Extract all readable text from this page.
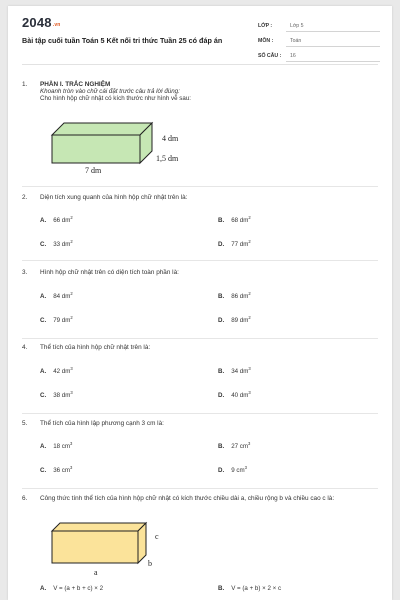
$2048^{.vn}$
Bài tập cuối tuần Toán 5 Kết nối tri thức Tuần 25 có đáp án
LỚP :	Lớp 5
MÔN :	Toán
SỐ CÂU : 16
1. PHẦN I. TRẮC NGHIỆM
Khoanh tròn vào chữ cái đặt trước câu trả lời đúng:
Cho hình hộp chữ nhật có kích thước như hình vẽ sau:
4 dm
1,5 dm
7 dm
2. Diện tích xung quanh của hình hộp chữ nhật trên là:
A. 66 $dm^2$	B. 68 $dm^2$
C. 33 $dm^2$	D. 77 $dm^2$
3. Hình hộp chữ nhật trên có diện tích toàn phần là:
A. 84 $dm^2$	B. 86 $dm^2$
C. 79 $dm^2$	D. 89 $dm^2$
4. Thể tích của hình hộp chữ nhật trên là:
A. 42 $dm^3$	B. 34 $dm^3$
C. 38 $dm^3$	D. 40 $dm^3$
5. Thể tích của hình lập phương cạnh 3 cm là:
A. 18 $cm^3$	B. 27 $cm^3$
C. 36 $cm^3$	D. 9 $cm^3$
6. Công thức tính thể tích của hình hộp chữ nhật có kích thước chiều dài a, chiều rộng b và chiều cao c là:
c
b
a
A. V = (a + b + c) × 2	B. V = (a + b) × 2 × c
